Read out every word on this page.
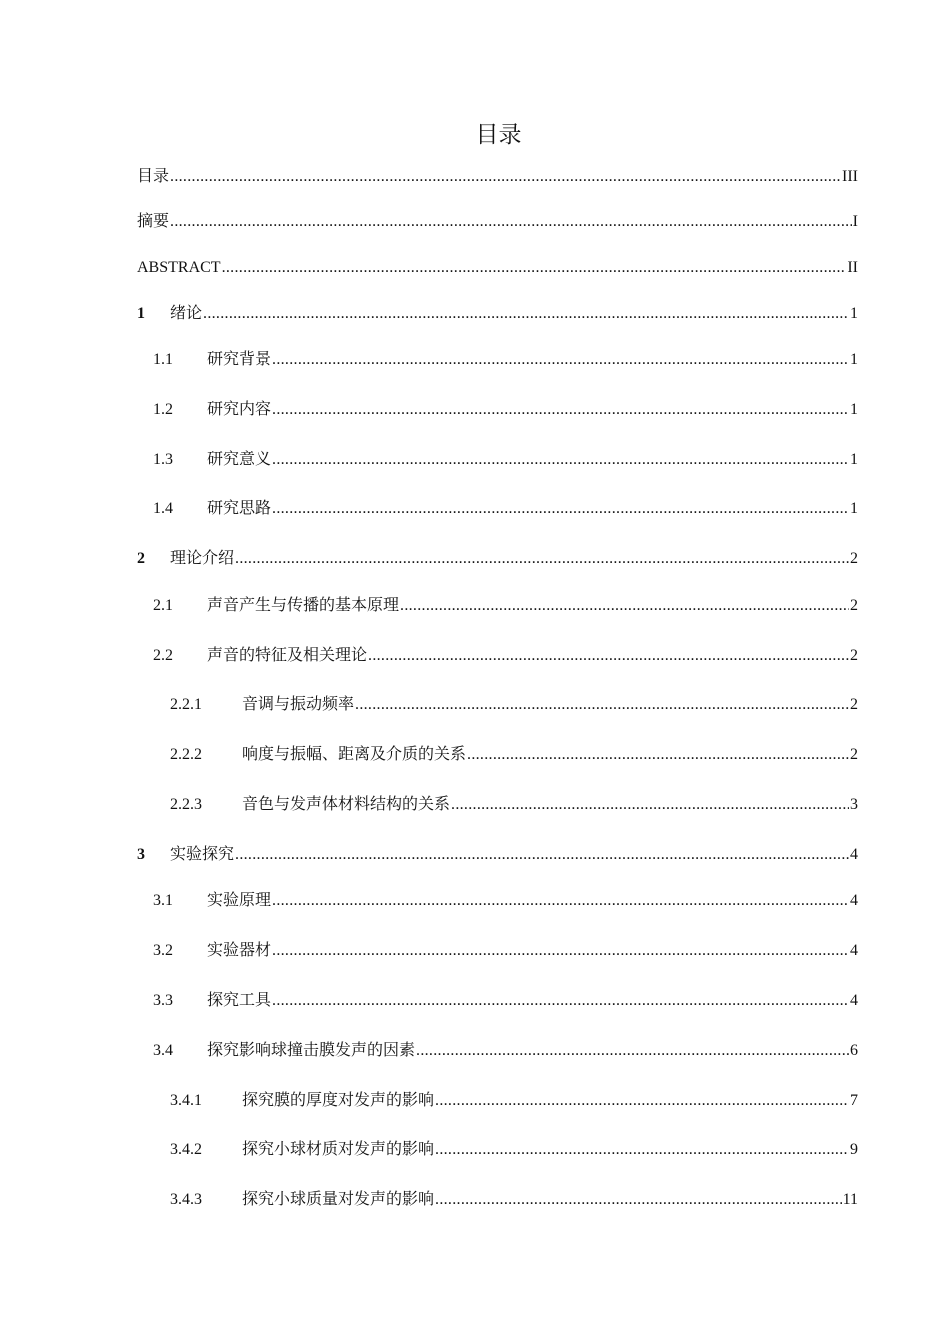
目录
目录 .....	III
摘要 .....	I
ABSTRACT .....	II
1	绪论 .....	1
1.1	研究背景 .....	1
1.2	研究内容 .....	1
1.3	研究意义 .....	1
1.4	研究思路 .....	1
2	理论介绍 .....	2
2.1	声音产生与传播的基本原理 .....	2
2.2	声音的特征及相关理论 .....	2
2.2.1	音调与振动频率 .....	2
2.2.2	响度与振幅、距离及介质的关系 .....	2
2.2.3	音色与发声体材料结构的关系 .....	3
3	实验探究 .....	4
3.1	实验原理 .....	4
3.2	实验器材 .....	4
3.3	探究工具 .....	4
3.4	探究影响球撞击膜发声的因素 .....	6
3.4.1	探究膜的厚度对发声的影响 .....	7
3.4.2	探究小球材质对发声的影响 .....	9
3.4.3	探究小球质量对发声的影响 .....	11
